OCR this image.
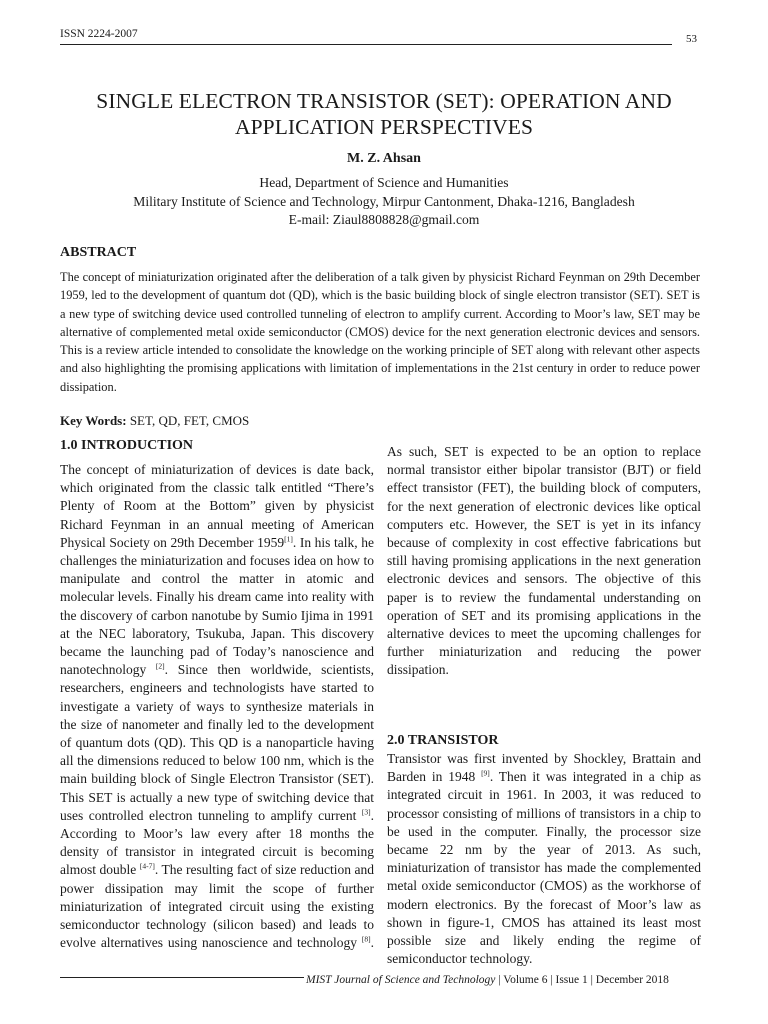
ISSN 2224-2007	53
SINGLE ELECTRON TRANSISTOR (SET): OPERATION AND
APPLICATION PERSPECTIVES
M. Z. Ahsan
Head, Department of Science and Humanities
Military Institute of Science and Technology, Mirpur Cantonment, Dhaka-1216, Bangladesh
E-mail: Ziaul8808828@gmail.com
ABSTRACT
The concept of miniaturization originated after the deliberation of a talk given by physicist Richard Feynman on 29th December 1959, led to the development of quantum dot (QD), which is the basic building block of single electron transistor (SET). SET is a new type of switching device used controlled tunneling of electron to amplify current. According to Moor’s law, SET may be alternative of complemented metal oxide semiconductor (CMOS) device for the next generation electronic devices and sensors. This is a review article intended to consolidate the knowledge on the working principle of SET along with relevant other aspects and also highlighting the promising applications with limitation of implementations in the 21st century in order to reduce power dissipation.
Key Words: SET, QD, FET, CMOS
1.0 INTRODUCTION

The concept of miniaturization of devices is date back, which originated from the classic talk entitled “There’s Plenty of Room at the Bottom” given by physicist Richard Feynman in an annual meeting of American Physical Society on 29th December 1959[1]. In his talk, he challenges the miniaturization and focuses idea on how to manipulate and control the matter in atomic and molecular levels. Finally his dream came into reality with the discovery of carbon nanotube by Sumio Ijima in 1991 at the NEC laboratory, Tsukuba, Japan. This discovery became the launching pad of Today’s nanoscience and nanotechnology [2]. Since then worldwide, scientists, researchers, engineers and technologists have started to investigate a variety of ways to synthesize materials in the size of nanometer and finally led to the development of quantum dots (QD). This QD is a nanoparticle having all the dimensions reduced to below 100 nm, which is the main building block of Single Electron Transistor (SET). This SET is actually a new type of switching device that uses controlled electron tunneling to amplify current [3].

According to Moor’s law every after 18 months the density of transistor in integrated circuit is becoming almost double [4-7]. The resulting fact of size reduction and power dissipation may limit the scope of further miniaturization of integrated circuit using the existing semiconductor technology (silicon based) and leads to evolve alternatives using nanoscience and technology [8].

2.0 TRANSISTOR

Transistor was first invented by Shockley, Brattain and Barden in 1948 [9]. Then it was integrated in a chip as integrated circuit in 1961. In 2003, it was reduced to processor consisting of millions of transistors in a chip to be used in the computer. Finally, the processor size became 22 nm by the year of 2013. As such, miniaturization of transistor has made the complemented metal oxide semiconductor (CMOS) as the workhorse of modern electronics. By the forecast of Moor’s law as shown in figure-1, CMOS has attained its least most possible size and likely ending the regime of semiconductor technology.

MIST Journal of Science and Technology | Volume 6 | Issue 1 | December 2018

As such, SET is expected to be an option to replace normal transistor either bipolar transistor (BJT) or field effect transistor (FET), the building block of computers, for the next generation of electronic devices like optical computers etc. However, the SET is yet in its infancy because of complexity in cost effective fabrications but still having promising applications in the next generation electronic devices and sensors. The objective of this paper is to review the fundamental understanding on operation of SET and its promising applications in the alternative devices to meet the upcoming challenges for further miniaturization and reducing the power dissipation.
